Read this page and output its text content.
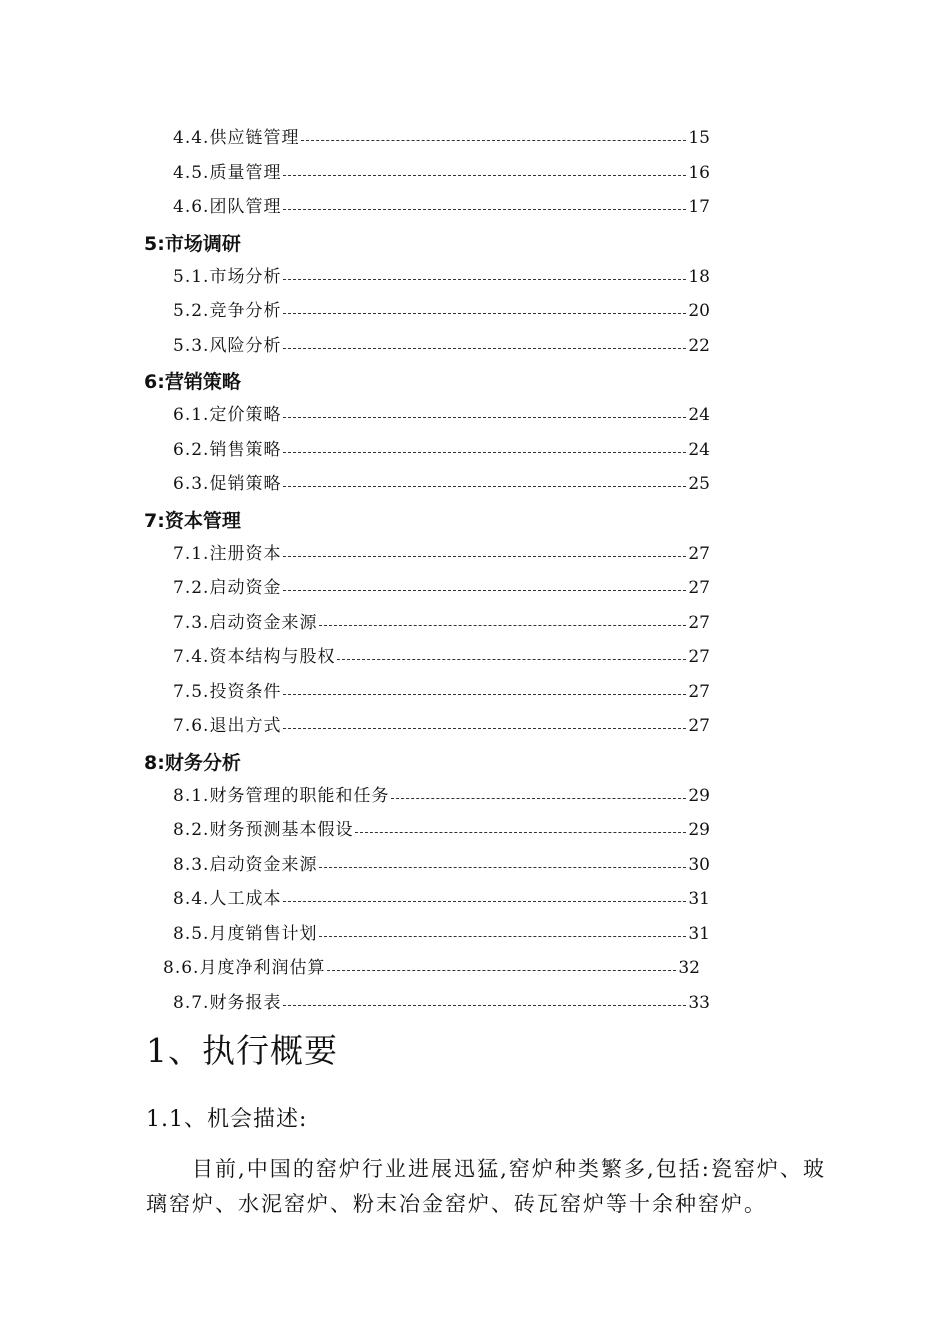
4.4.供应链管理	15
4.5.质量管理	16
4.6.团队管理	17
5:市场调研
5.1.市场分析	18
5.2.竞争分析	20
5.3.风险分析	22
6:营销策略
6.1.定价策略	24
6.2.销售策略	24
6.3.促销策略	25
7:资本管理
7.1.注册资本	27
7.2.启动资金	27
7.3.启动资金来源	27
7.4.资本结构与股权	27
7.5.投资条件	27
7.6.退出方式	27
8:财务分析
8.1.财务管理的职能和任务	29
8.2.财务预测基本假设	29
8.3.启动资金来源	30
8.4.人工成本	31
8.5.月度销售计划	31
8.6.月度净利润估算	32
8.7.财务报表	33
1、执行概要
1.1、机会描述:
目前,中国的窑炉行业进展迅猛,窑炉种类繁多,包括:瓷窑炉、玻璃窑炉、水泥窑炉、粉末冶金窑炉、砖瓦窑炉等十余种窑炉。
